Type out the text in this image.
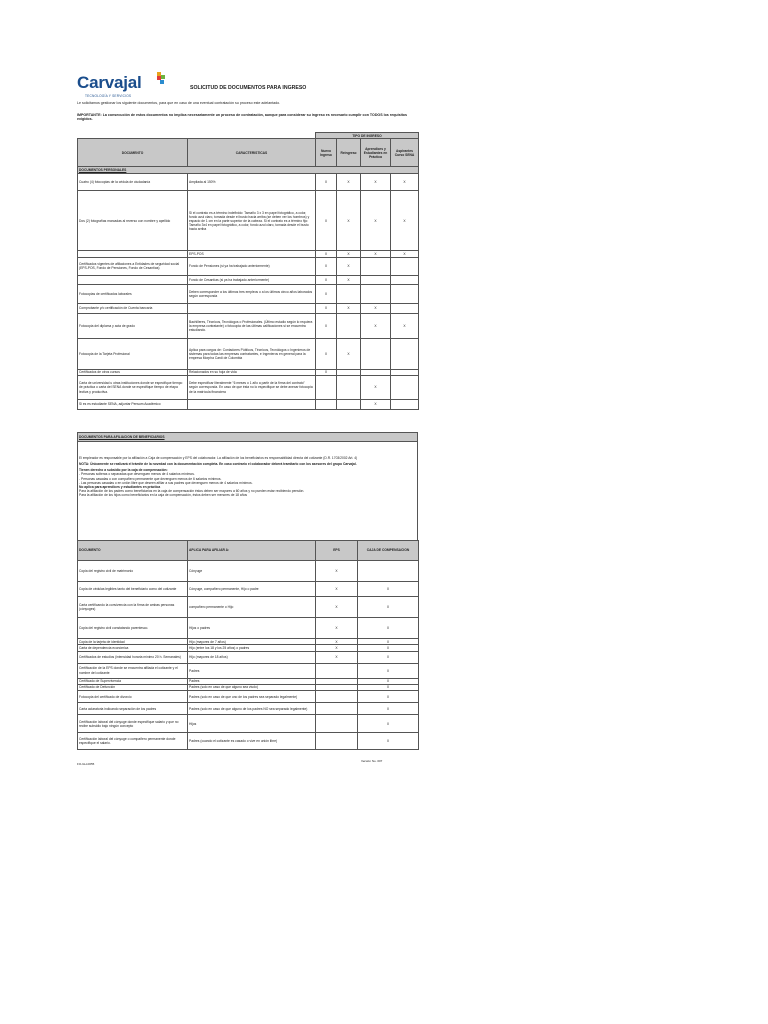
Carvajal
TECNOLOGÍA Y SERVICIOS
SOLICITUD DE DOCUMENTOS PARA INGRESO
Le solicitamos gestionar los siguiente documentos, para que en caso de una eventual contratación su proceso este adelantado.
IMPORTANTE: La consecución de estos documentos no implica necesariamente un proceso de contratación, aunque para considerar su ingreso es necesario cumplir con TODOS los requisitos exigidos.
		TIPO DE INGRESO			
DOCUMENTO	CARACTERISTICAS	Nuevo Ingreso	Reingreso	Aprendices y Estudiantes en Práctica	Aspirantes Curso SENA
DOCUMENTOS PERSONALES					
Cuatro (4) fotocopias de la cédula de ciudadanía	Ampliada al 150%	X	X	X	X
Dos (2) fotografías marcadas al reverso con nombre y apellido	Si el contrato es a término indefinido: Tamaño 3 x 3 en papel fotográfico, a color, fondo azul claro, tomada desde el busto hacia arriba (se deben ver los hombros) y espacio de 1 cm en la parte superior de la cabeza. Si el contrato es a término fijo: Tamaño 3x4 en papel fotográfico, a color, fondo azul claro, tomada desde el busto hacia arriba	X	X	X	X
	EPS-POS	X	X	X	X
Certificados vigentes de afiliaciones a Entidades de seguridad social (EPS-POS, Fondo de Pensiones, Fondo de Cesantías)	Fondo de Pensiones (si ya ha trabajado anteriormente)	X	X		
	Fondo de Cesantías (si ya ha trabajado anteriormente)	X	X		
Fotocopias de certificados laborales	Deben corresponder a los últimos tres empleos o a los últimos cinco años laborados según corresponda	X			
Comprobante y/o certificación de Cuenta bancaria		X	X	X	
Fotocopia del diploma y acta de grado	Bachilleres, Técnicos, Tecnólogos o Profesionales. (Último estudio según lo requiera la empresa contratante) o fotocopia de las últimas calificaciones si se encuentra estudiando.	X		X	X
Fotocopia de la Tarjeta Profesional	Aplica para cargos de: Contadores Públicos, Técnicos, Tecnólogos o Ingenieros de sistemas para todas las empresas contratantes, e Ingenieros en general para la empresa Morpha Cardi de Colombia	X	X		
Certificados de otros cursos	Relacionados en su hoja de vida	X			
Carta de universidad u otras instituciones donde se especifique tiempo de práctica o carta del SENA donde se especifique tiempo de etapa lectiva y productiva.	Debe especificar literalmente "6 meses o 1 año a partir de la firma del contrato" según corresponda. En caso de que ésta no lo especifique se debe anexar fotocopia de la matrícula financiera			X	
Si es es estudiante SENA, adjuntar Pensum Académico				X	
DOCUMENTOS PARA AFILIACION DE BENEFICIARIOS

El empleador es responsable por la afiliación a Caja de compensación y EPS del colaborador. La afiliación de los beneficiarios es responsabilidad directa del cotizante (D.R. 1703/2002 Art. 4)
NOTA: Únicamente se realizará el trámite de la novedad con la documentación completa. En caso contrario el colaborador deberá tramitarlo con los asesores del grupo Carvajal.
Tienen derecho a subsidio por la caja de compensación:
- Personas solteras o separadas que devenguen menos de 4 salarios mínimos.
- Personas casadas o con compañero permanente que devenguen menos de 6 salarios mínimos.
- Las personas casadas o en unión libre que deseen afiliar a sus padres que devenguen menos de 4 salarios mínimos.
No aplica para aprendices y estudiantes en práctica
Para la afiliación de los padres como beneficiarios en la caja de compensación éstos deben ser mayores a 60 años y no pueden estar recibiendo pensión.
Para la afiliación de los hijos como beneficiarios en la caja de compensación, éstos deben ser menores de 18 años
DOCUMENTO	APLICA PARA AFILIAR A:	EPS	CAJA DE COMPENSACION
Copia del registro civil de matrimonio	Cónyuge	X	
Copia de cédulas legibles tanto del beneficiario como del cotizante	Cónyuge, compañero permanente, Hijo o padre	X	X
Carta certificando la convivencia con la firma de ambas personas (cónyuges)	compañero permanente o Hijo	X	X
Copia del registro civil constatando parentesco.	Hijos o padres	X	X
Copia de la tarjeta de identidad	Hijo (mayores de 7 años)	X	X
Carta de dependencia económica	Hijo (entre los 18 y los 25 años) o padres	X	X
Certificados de estudios (intensidad horaria mínimo 20 h. Semanales)	Hijo (mayores de 18 años)	X	X
Certificación de la EPS donde se encuentra afiliada el cotizante y el nombre del cotizante	Padres		X
Certificado de Supervivencia	Padres		X
Certificado de Defunción	Padres (solo en caso de que alguno sea viudo)		X
Fotocopia del certificado de divorcio	Padres (solo en caso de que uno de los padres sea separado legalmente)		X
Carta aclaratoria indicando separación de los padres	Padres (solo en caso de que alguno de los padres NO sea separado legalmente)		X
Certificación laboral del cónyuge donde especifique salario y que no recibe subsidio bajo ningún concepto	Hijos		X
Certificación laboral del cónyuge o compañero permanente donde especifique el salario.	Padres (cuando el cotizante es casado o vive en unión libre)		X
FO-GH-0055
Versión No. 007
